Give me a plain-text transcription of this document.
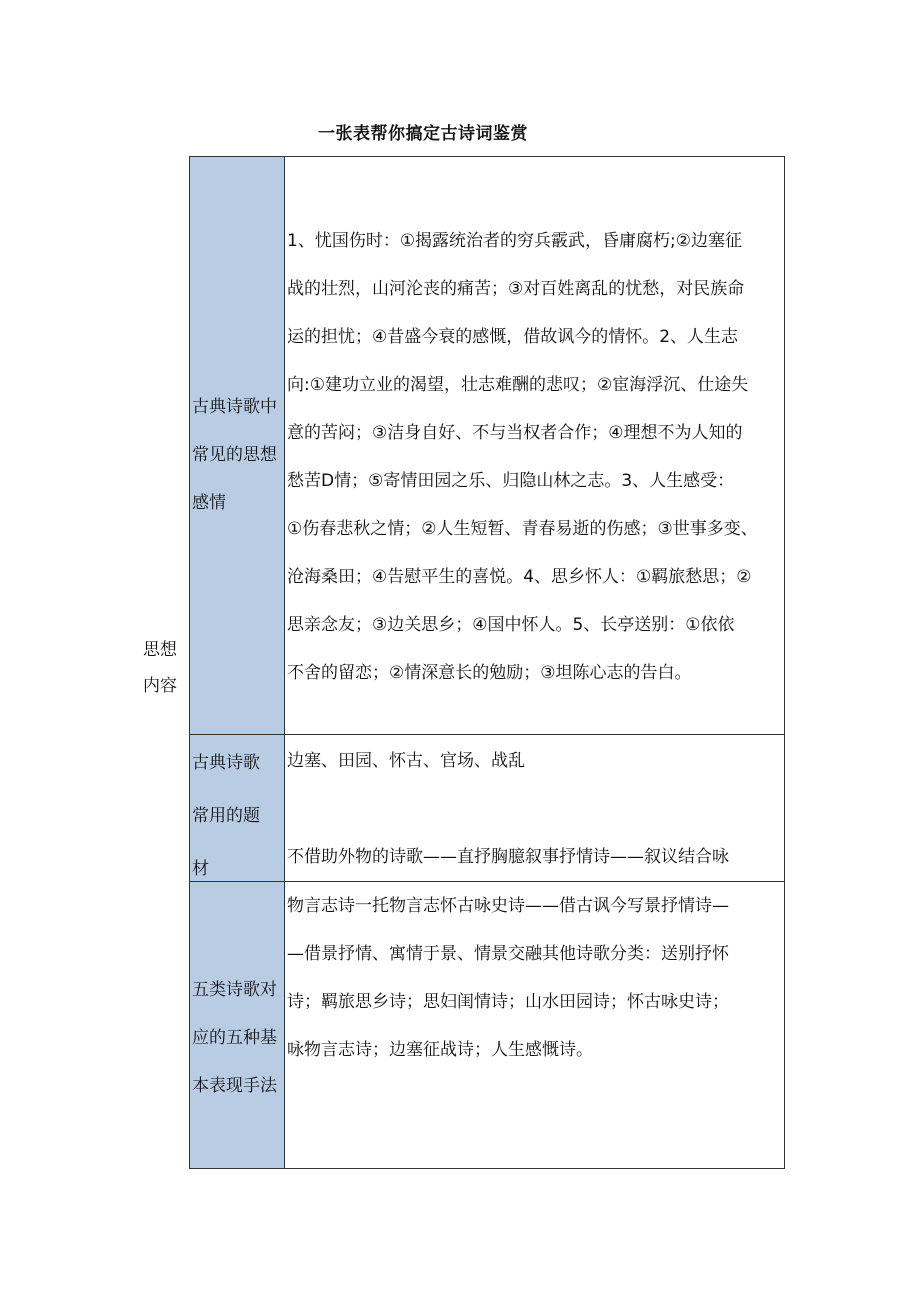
一张表帮你搞定古诗词鉴赏
思想
内容
古典诗歌中
常见的思想
感情
1、忧国伤时：①揭露统治者的穷兵霰武，昏庸腐朽;②边塞征
战的壮烈，山河沦丧的痛苦；③对百姓离乱的忧愁，对民族命
运的担忧；④昔盛今衰的感慨，借故讽今的情怀。2、人生志
向:①建功立业的渴望，壮志难酬的悲叹；②宦海浮沉、仕途失
意的苦闷；③洁身自好、不与当权者合作；④理想不为人知的
愁苦D情；⑤寄情田园之乐、归隐山林之志。3、人生感受：
①伤春悲秋之情；②人生短暂、青春易逝的伤感；③世事多变、
沧海桑田；④告慰平生的喜悦。4、思乡怀人：①羁旅愁思；②
思亲念友；③边关思乡；④国中怀人。5、长亭送别：①依依
不舍的留恋；②情深意长的勉励；③坦陈心志的告白。
古典诗歌
常用的题
材
边塞、田园、怀古、官场、战乱

不借助外物的诗歌——直抒胸臆叙事抒情诗——叙议结合咏
五类诗歌对
应的五种基
本表现手法
物言志诗一托物言志怀古咏史诗——借古讽今写景抒情诗—
—借景抒情、寓情于景、情景交融其他诗歌分类：送别抒怀
诗；羁旅思乡诗；思妇闺情诗；山水田园诗；怀古咏史诗；
咏物言志诗；边塞征战诗；人生感慨诗。
